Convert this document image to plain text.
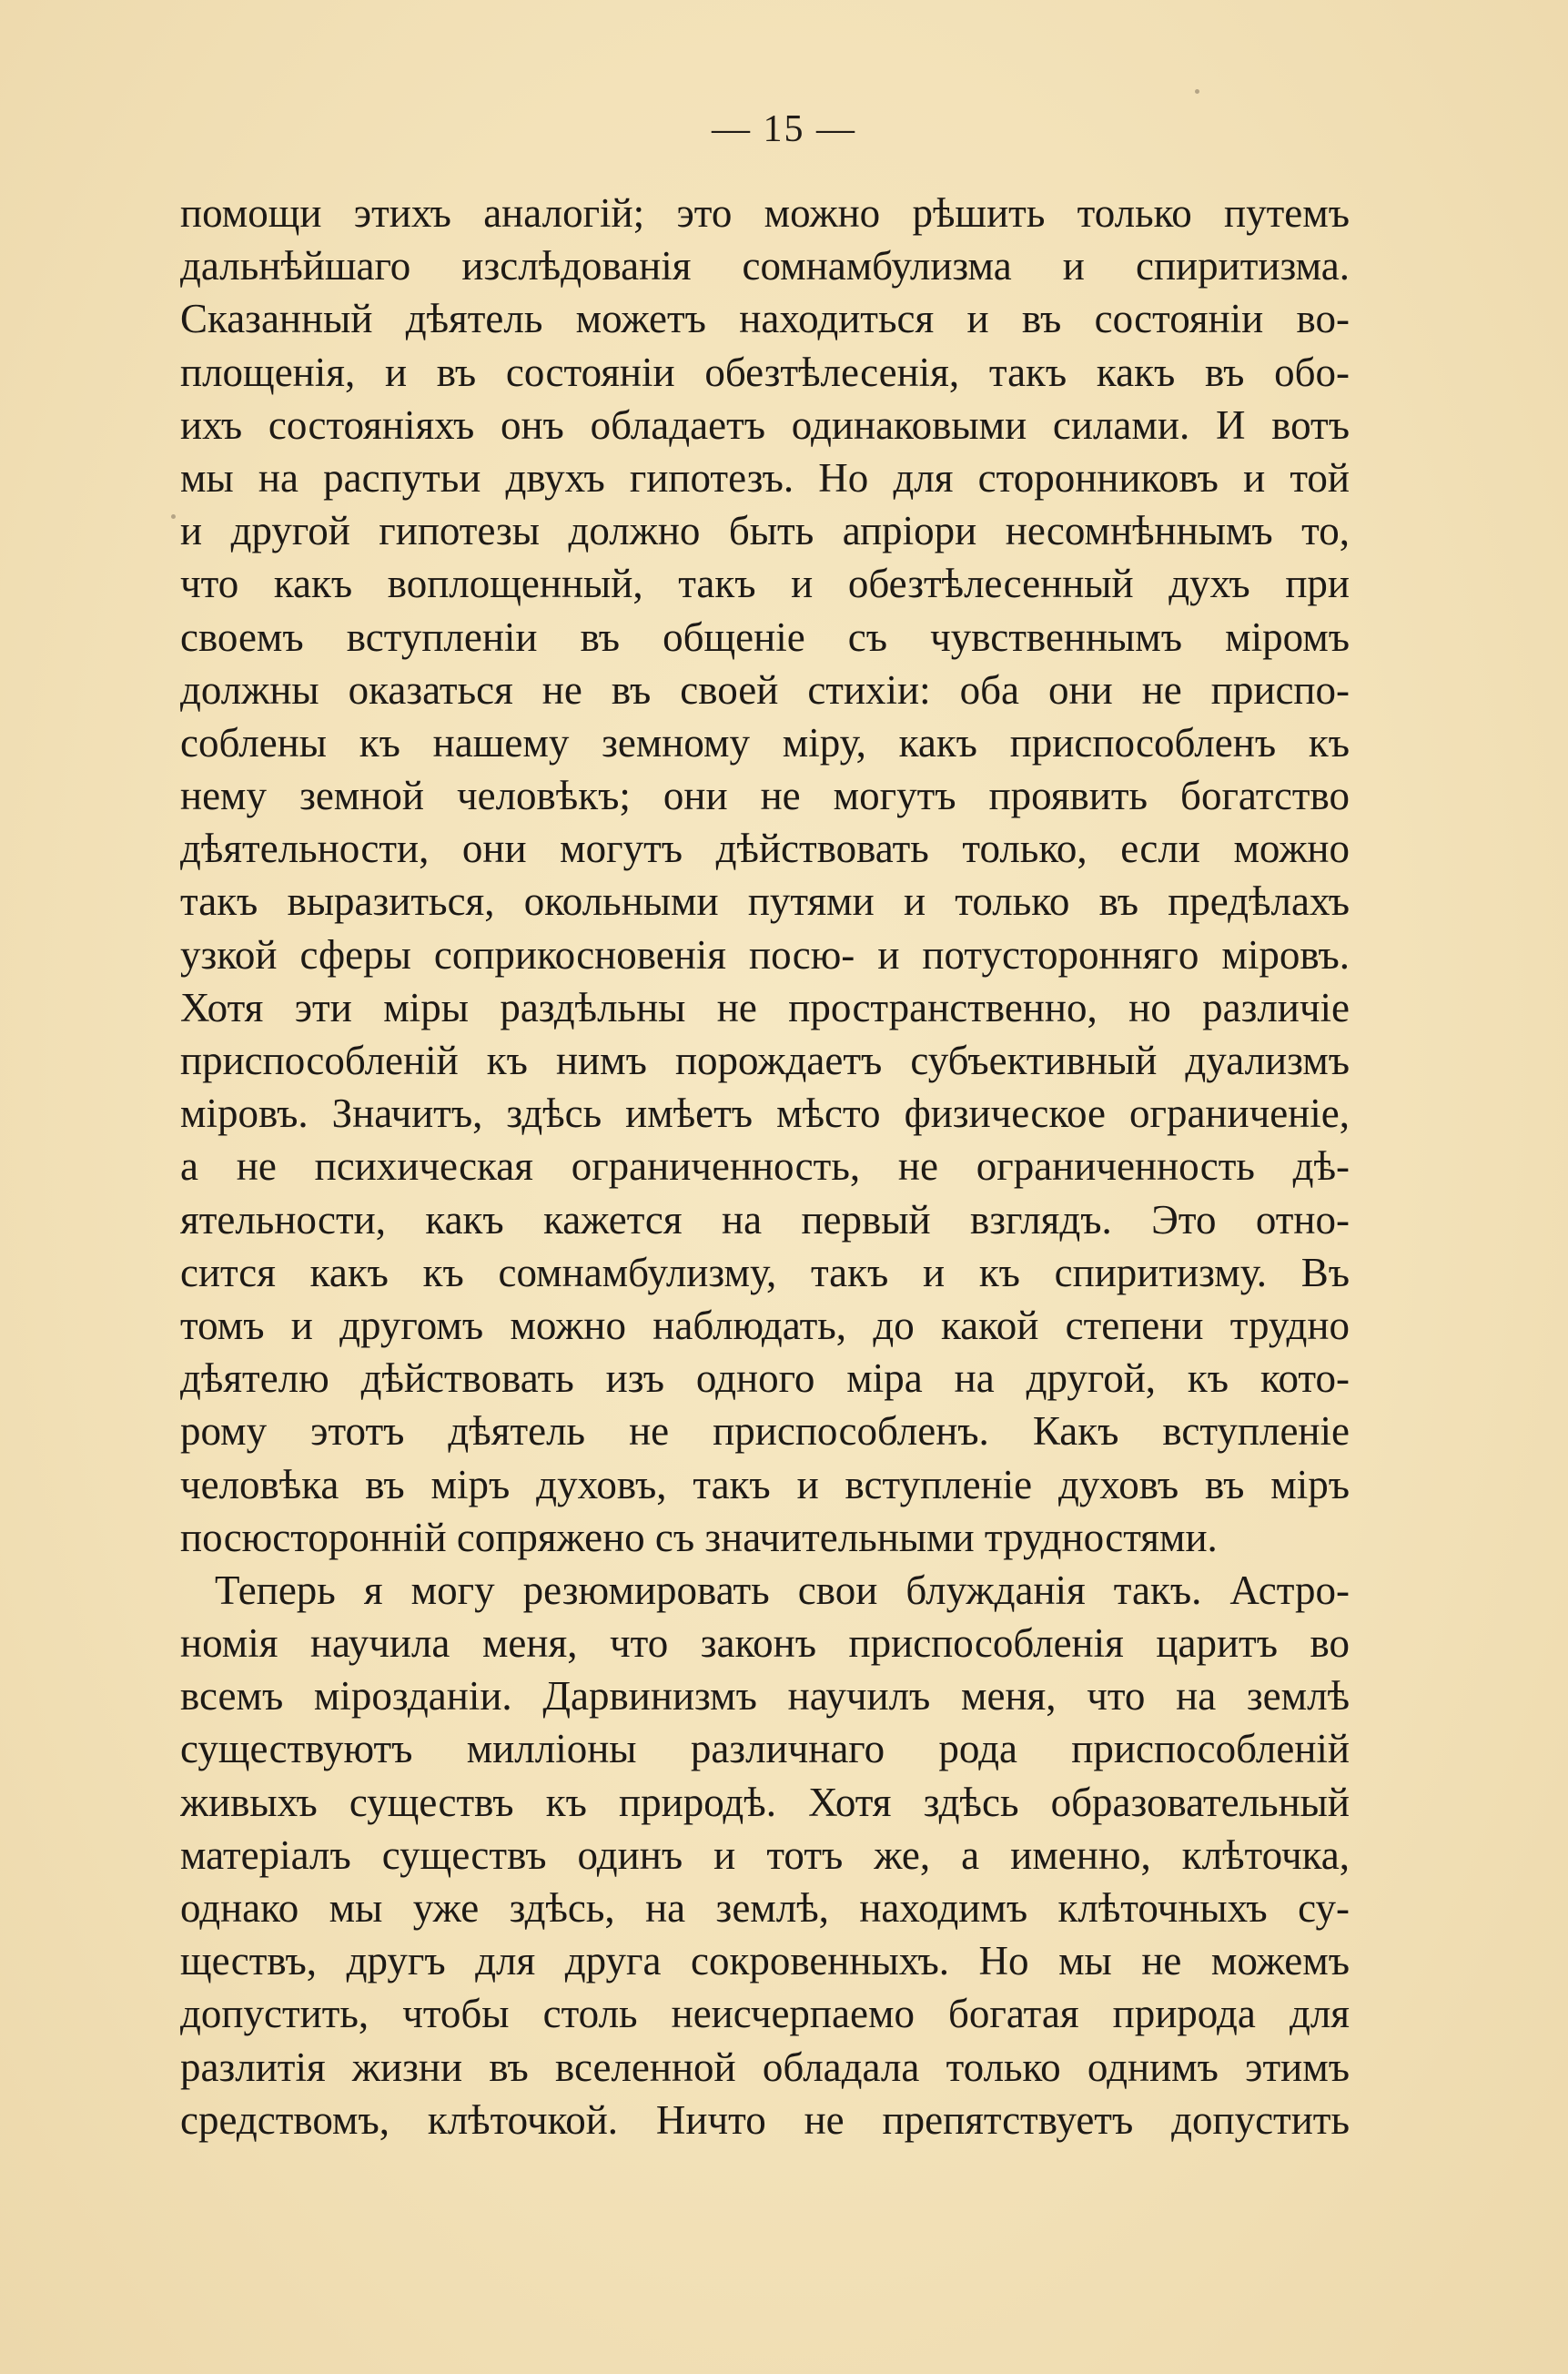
— 15 —
помощи этихъ аналогій; это можно рѣшить только путемъ
дальнѣйшаго изслѣдованія сомнамбулизма и спиритизма.
Сказанный дѣятель можетъ находиться и въ состояніи во-
площенія, и въ состояніи обезтѣлесенія, такъ какъ въ обо-
ихъ состояніяхъ онъ обладаетъ одинаковыми силами. И вотъ
мы на распутьи двухъ гипотезъ. Но для сторонниковъ и той
и другой гипотезы должно быть апріори несомнѣннымъ то,
что какъ воплощенный, такъ и обезтѣлесенный духъ при
своемъ вступленіи въ общеніе съ чувственнымъ міромъ
должны оказаться не въ своей стихіи: оба они не приспо-
соблены къ нашему земному міру, какъ приспособленъ къ
нему земной человѣкъ; они не могутъ проявить богатство
дѣятельности, они могутъ дѣйствовать только, если можно
такъ выразиться, окольными путями и только въ предѣлахъ
узкой сферы соприкосновенія посю- и потустороннягo міровъ.
Хотя эти міры раздѣльны не пространственно, но различіе
приспособленій къ нимъ порождаетъ субъективный дуализмъ
міровъ. Значитъ, здѣсь имѣетъ мѣсто физическое ограниченіе,
а не психическая ограниченность, не ограниченность дѣ-
ятельности, какъ кажется на первый взглядъ. Это отно-
сится какъ къ сомнамбулизму, такъ и къ спиритизму. Въ
томъ и другомъ можно наблюдать, до какой степени трудно
дѣятелю дѣйствовать изъ одного міра на другой, къ кото-
рому этотъ дѣятель не приспособленъ. Какъ вступленіе
человѣка въ міръ духовъ, такъ и вступленіе духовъ въ міръ
посюсторонній сопряжено съ значительными трудностями.
Теперь я могу резюмировать свои блужданія такъ. Астро-
номія научила меня, что законъ приспособленія царитъ во
всемъ мірозданіи. Дарвинизмъ научилъ меня, что на землѣ
существуютъ милліоны различнаго рода приспособленій
живыхъ существъ къ природѣ. Хотя здѣсь образовательный
матеріалъ существъ одинъ и тотъ же, а именно, клѣточка,
однако мы уже здѣсь, на землѣ, находимъ клѣточныхъ су-
ществъ, другъ для друга сокровенныхъ. Но мы не можемъ
допустить, чтобы столь неисчерпаемо богатая природа для
разлитія жизни въ вселенной обладала только однимъ этимъ
средствомъ, клѣточкой. Ничто не препятствуетъ допустить
